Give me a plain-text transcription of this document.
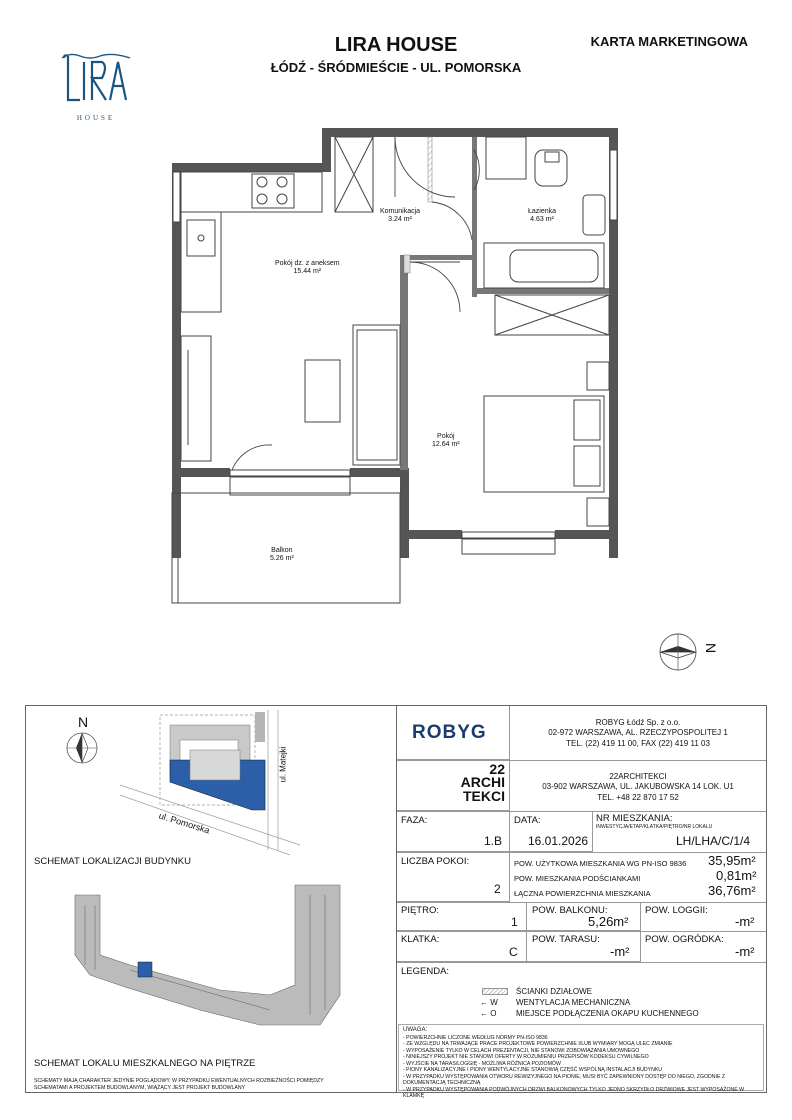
LIRA HOUSE
ŁÓDŹ - ŚRÓDMIEŚCIE - UL. POMORSKA
KARTA MARKETINGOWA
HOUSE
Komunikacja
3.24 m²
Łazienka
4.63 m²
Pokój dz. z aneksem
15.44 m²
Pokój
12.64 m²
Balkon
5.26 m²
N
N
ul. Pomorska
ul. Matejki
SCHEMAT LOKALIZACJI BUDYNKU
SCHEMAT LOKALU MIESZKALNEGO NA PIĘTRZE
SCHEMATY MAJĄ CHARAKTER JEDYNIE POGLĄDOWY. W PRZYPADKU EWENTUALNYCH ROZBIEŻNOŚCI POMIĘDZY SCHEMATAMI A PROJEKTEM BUDOWLANYM, WIĄŻĄCY JEST PROJEKT BUDOWLANY
ROBYG	ROBYG Łódź Sp. z o.o.
02-972 WARSZAWA, AL. RZECZYPOSPOLITEJ 1
TEL. (22) 419 11 00, FAX (22) 419 11 03
22
ARCHI
TEKCI
22ARCHITEKCI
03-902 WARSZAWA, UL. JAKUBOWSKA 14 LOK. U1
TEL. +48 22 870 17 52
FAZA:
1.B
DATA:
16.01.2026
NR MIESZKANIA:
INWESTYCJA/ETAP/KLATKA/PIĘTRO/NR LOKALU
LH/LHA/C/1/4
LICZBA POKOI:
2
POW. UŻYTKOWA MIESZKANIA WG PN-ISO 9836 35,95m²
POW. MIESZKANIA PODŚCIANKAMI	0,81m²
ŁĄCZNA POWIERZCHNIA MIESZKANIA	36,76m²
PIĘTRO:
1
POW. BALKONU:
5,26m²
POW. LOGGII:
-m²
KLATKA:
C
POW. TARASU:
-m²
POW. OGRÓDKA:
-m²
LEGENDA:
ŚCIANKI DZIAŁOWE
← W WENTYLACJA MECHANICZNA
← O MIEJSCE PODŁĄCZENIA OKAPU KUCHENNEGO
UWAGA:
- POWIERZCHNIE LICZONE WEDŁUG NORMY PN-ISO 9836
- ZE WZGLĘDU NA TRWAJĄCE PRACE PROJEKTOWE POWIERZCHNIE I/LUB WYMIARY MOGĄ ULEC ZMIANIE
- WYPOSAŻENIE TYLKO W CELACH PREZENTACJI, NIE STANOWI ZOBOWIĄZANIA UMOWNEGO
- NINIEJSZY PROJEKT NIE STANOWI OFERTY W ROZUMIENIU PRZEPISÓW KODEKSU CYWILNEGO
- WYJŚCIE NA TARAS/LOGGIĘ - MOŻLIWA RÓŻNICA POZIOMÓW
- PIONY KANALIZACYJNE I PIONY WENTYLACYJNE STANOWIĄ CZĘŚĆ WSPÓLNĄ INSTALACJI BUDYNKU
- W PRZYPADKU WYSTĘPOWANIA OTWORU REWIZYJNEGO NA PIONIE, MUSI BYĆ ZAPEWNIONY DOSTĘP DO NIEGO, ZGODNIE Z DOKUMENTACJĄ TECHNICZNĄ
- W PRZYPADKU WYSTĘPOWANIA PODWÓJNYCH DRZWI BALKONOWYCH TYLKO JEDNO SKRZYDŁO DRZWIOWE JEST WYPOSAŻONE W KLAMKĘ
